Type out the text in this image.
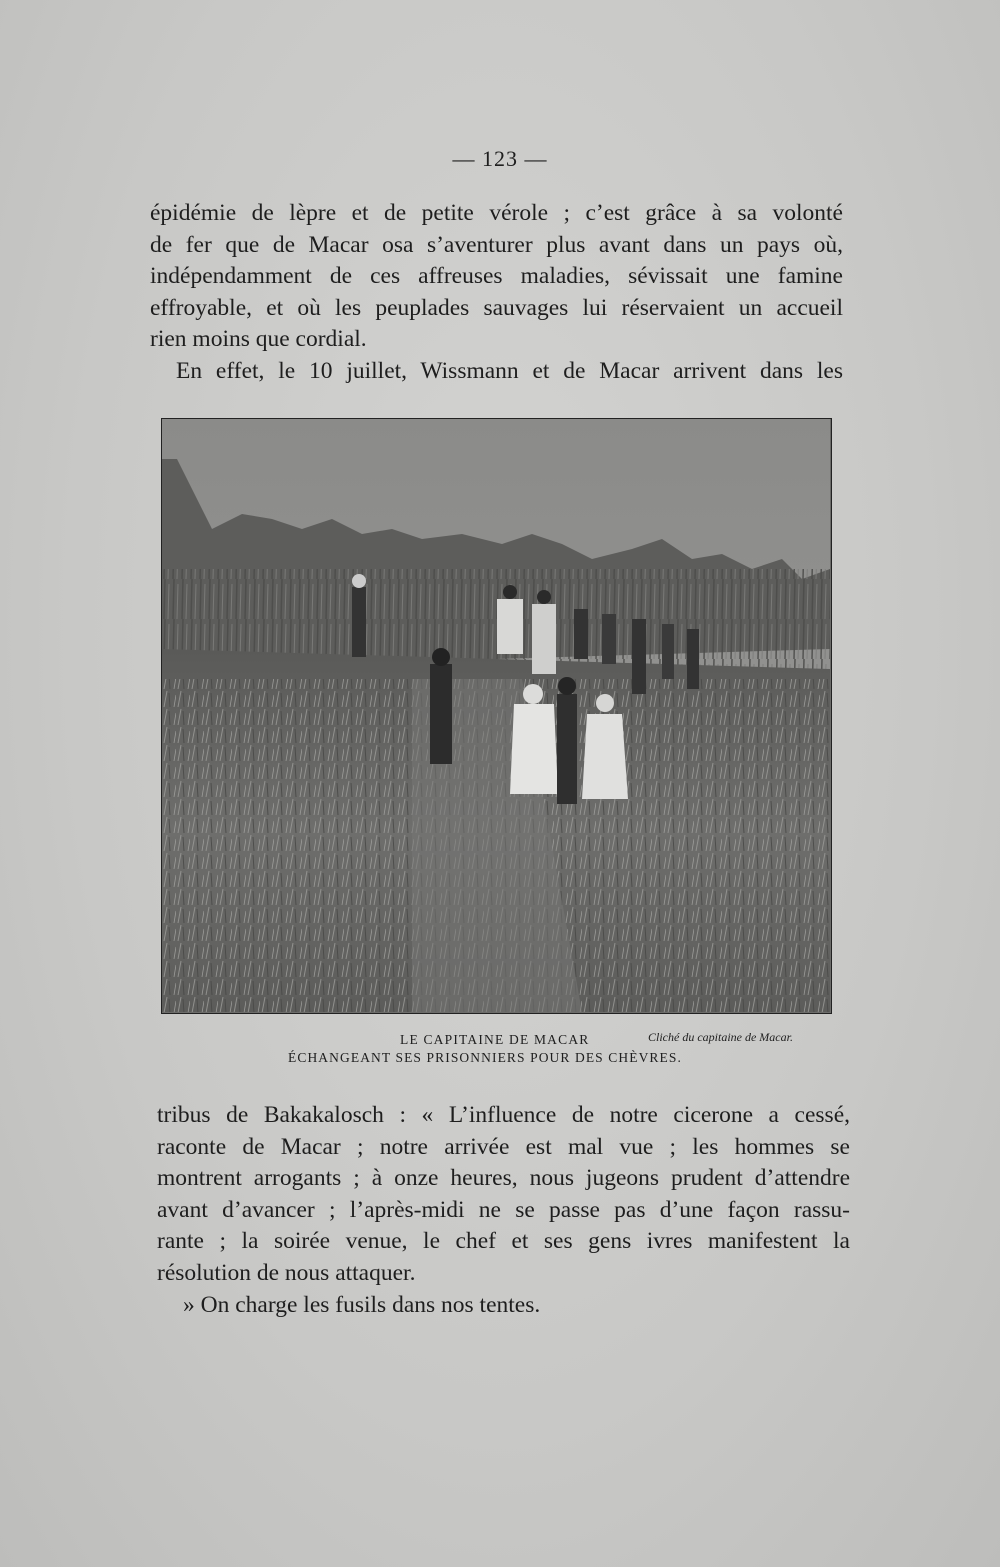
— 123 —
épidémie de lèpre et de petite vérole ; c’est grâce à sa volonté
de fer que de Macar osa s’aventurer plus avant dans un pays où,
indépendamment de ces affreuses maladies, sévissait une famine
effroyable, et où les peuplades sauvages lui réservaient un accueil
rien moins que cordial.
En effet, le 10 juillet, Wissmann et de Macar arrivent dans les
LE CAPITAINE DE MACAR	Cliché du capitaine de Macar.
ÉCHANGEANT SES PRISONNIERS POUR DES CHÈVRES.
tribus de Bakakalosch : « L’influence de notre cicerone a cessé,
raconte de Macar ; notre arrivée est mal vue ; les hommes se
montrent arrogants ; à onze heures, nous jugeons prudent d’attendre
avant d’avancer ; l’après-midi ne se passe pas d’une façon rassu-
rante ; la soirée venue, le chef et ses gens ivres manifestent la
résolution de nous attaquer.
» On charge les fusils dans nos tentes.
